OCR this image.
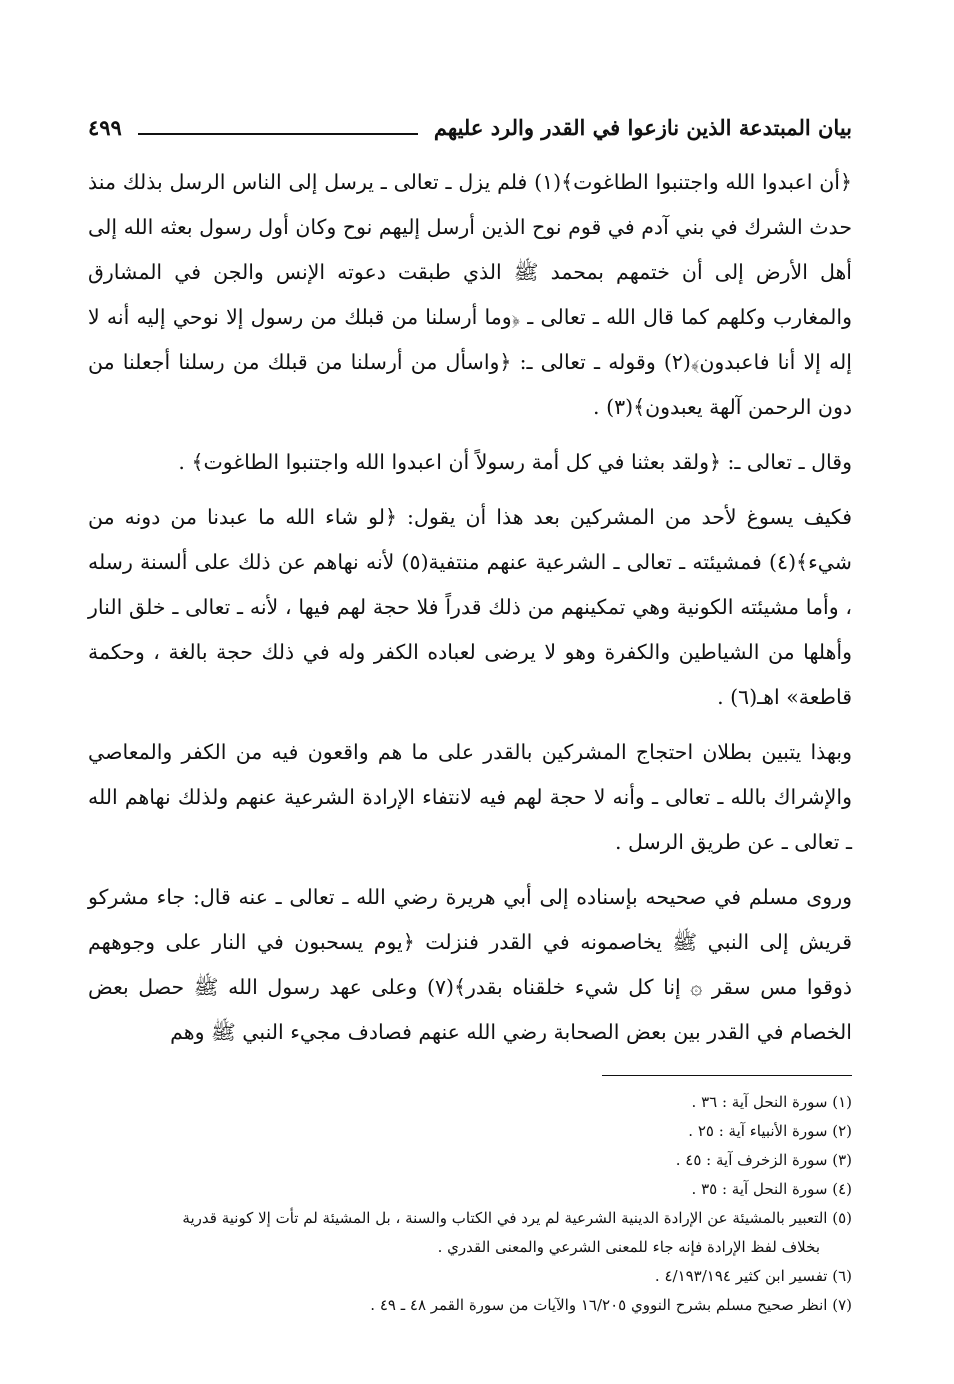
بيان المبتدعة الذين نازعوا في القدر والرد عليهم
٤٩٩

﴿أن اعبدوا الله واجتنبوا الطاغوت﴾(١) فلم يزل ـ تعالى ـ يرسل إلى الناس الرسل بذلك منذ حدث الشرك في بني آدم في قوم نوح الذين أرسل إليهم نوح وكان أول رسول بعثه الله إلى أهل الأرض إلى أن ختمهم بمحمد ﷺ الذي طبقت دعوته الإنس والجن في المشارق والمغارب وكلهم كما قال الله ـ تعالى ـ ﴿وما أرسلنا من قبلك من رسول إلا نوحي إليه أنه لا إله إلا أنا فاعبدون﴾(٢) وقوله ـ تعالى ـ: ﴿واسأل من أرسلنا من قبلك من رسلنا أجعلنا من دون الرحمن آلهة يعبدون﴾(٣) .

وقال ـ تعالى ـ: ﴿ولقد بعثنا في كل أمة رسولاً أن اعبدوا الله واجتنبوا الطاغوت﴾ .

فكيف يسوغ لأحد من المشركين بعد هذا أن يقول: ﴿لو شاء الله ما عبدنا من دونه من شيء﴾(٤) فمشيئته ـ تعالى ـ الشرعية عنهم منتفية(٥) لأنه نهاهم عن ذلك على ألسنة رسله ، وأما مشيئته الكونية وهي تمكينهم من ذلك قدراً فلا حجة لهم فيها ، لأنه ـ تعالى ـ خلق النار وأهلها من الشياطين والكفرة وهو لا يرضى لعباده الكفر وله في ذلك حجة بالغة ، وحكمة قاطعة» اهـ(٦) .

وبهذا يتبين بطلان احتجاج المشركين بالقدر على ما هم واقعون فيه من الكفر والمعاصي والإشراك بالله ـ تعالى ـ وأنه لا حجة لهم فيه لانتفاء الإرادة الشرعية عنهم ولذلك نهاهم الله ـ تعالى ـ عن طريق الرسل .

وروى مسلم في صحيحه بإسناده إلى أبي هريرة رضي الله ـ تعالى ـ عنه قال: جاء مشركو قريش إلى النبي ﷺ يخاصمونه في القدر فنزلت ﴿يوم يسحبون في النار على وجوههم ذوقوا مس سقر ۞ إنا كل شيء خلقناه بقدر﴾(٧) وعلى عهد رسول الله ﷺ حصل بعض الخصام في القدر بين بعض الصحابة رضي الله عنهم فصادف مجيء النبي ﷺ وهم

(١) سورة النحل آية : ٣٦ .

(٢) سورة الأنبياء آية : ٢٥ .

(٣) سورة الزخرف آية : ٤٥ .

(٤) سورة النحل آية : ٣٥ .

(٥) التعبير بالمشيئة عن الإرادة الدينية الشرعية لم يرد في الكتاب والسنة ، بل المشيئة لم تأت إلا كونية قدرية

بخلاف لفظ الإرادة فإنه جاء للمعنى الشرعي والمعنى القدري .

(٦) تفسير ابن كثير ٤/١٩٣/١٩٤ .

(٧) انظر صحيح مسلم بشرح النووي ١٦/٢٠٥ والآيات من سورة القمر ٤٨ ـ ٤٩ .
